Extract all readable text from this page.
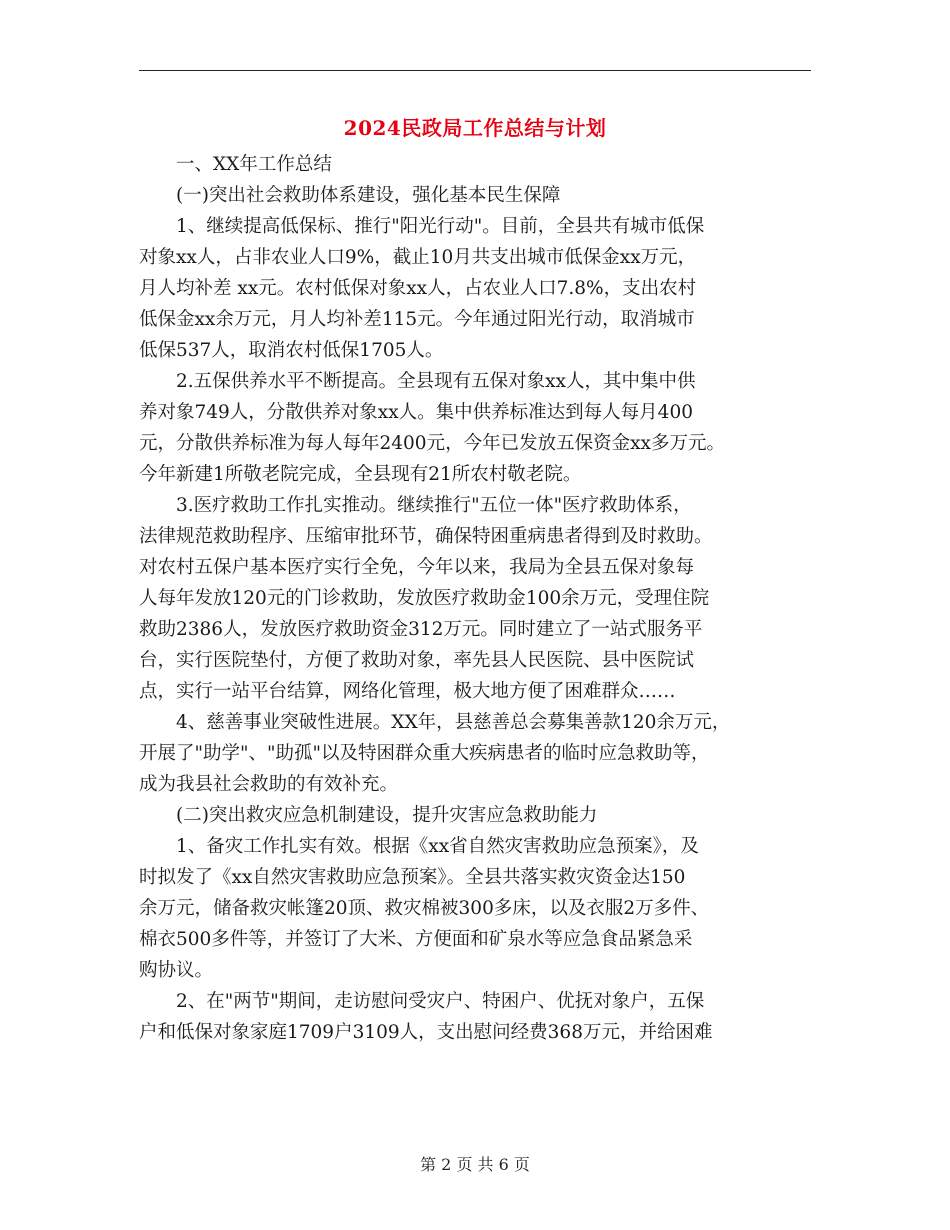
2024民政局工作总结与计划
一、XX年工作总结
(一)突出社会救助体系建设，强化基本民生保障
1、继续提高低保标、推行"阳光行动"。目前，全县共有城市低保
对象xx人，占非农业人口9%，截止10月共支出城市低保金xx万元，
月人均补差 xx元。农村低保对象xx人，占农业人口7.8%，支出农村
低保金xx余万元，月人均补差115元。今年通过阳光行动，取消城市
低保537人，取消农村低保1705人。
2.五保供养水平不断提高。全县现有五保对象xx人，其中集中供
养对象749人，分散供养对象xx人。集中供养标准达到每人每月400
元，分散供养标准为每人每年2400元，今年已发放五保资金xx多万元。
今年新建1所敬老院完成，全县现有21所农村敬老院。
3.医疗救助工作扎实推动。继续推行"五位一体"医疗救助体系，
法律规范救助程序、压缩审批环节，确保特困重病患者得到及时救助。
对农村五保户基本医疗实行全免，今年以来，我局为全县五保对象每
人每年发放120元的门诊救助，发放医疗救助金100余万元，受理住院
救助2386人，发放医疗救助资金312万元。同时建立了一站式服务平
台，实行医院垫付，方便了救助对象，率先县人民医院、县中医院试
点，实行一站平台结算，网络化管理，极大地方便了困难群众……
4、慈善事业突破性进展。XX年，县慈善总会募集善款120余万元，
开展了"助学"、"助孤"以及特困群众重大疾病患者的临时应急救助等，
成为我县社会救助的有效补充。
(二)突出救灾应急机制建设，提升灾害应急救助能力
1、备灾工作扎实有效。根据《xx省自然灾害救助应急预案》，及
时拟发了《xx自然灾害救助应急预案》。全县共落实救灾资金达150
余万元，储备救灾帐篷20顶、救灾棉被300多床，以及衣服2万多件、
棉衣500多件等，并签订了大米、方便面和矿泉水等应急食品紧急采
购协议。
2、在"两节"期间，走访慰问受灾户、特困户、优抚对象户，五保
户和低保对象家庭1709户3109人，支出慰问经费368万元，并给困难
第 2 页 共 6 页
